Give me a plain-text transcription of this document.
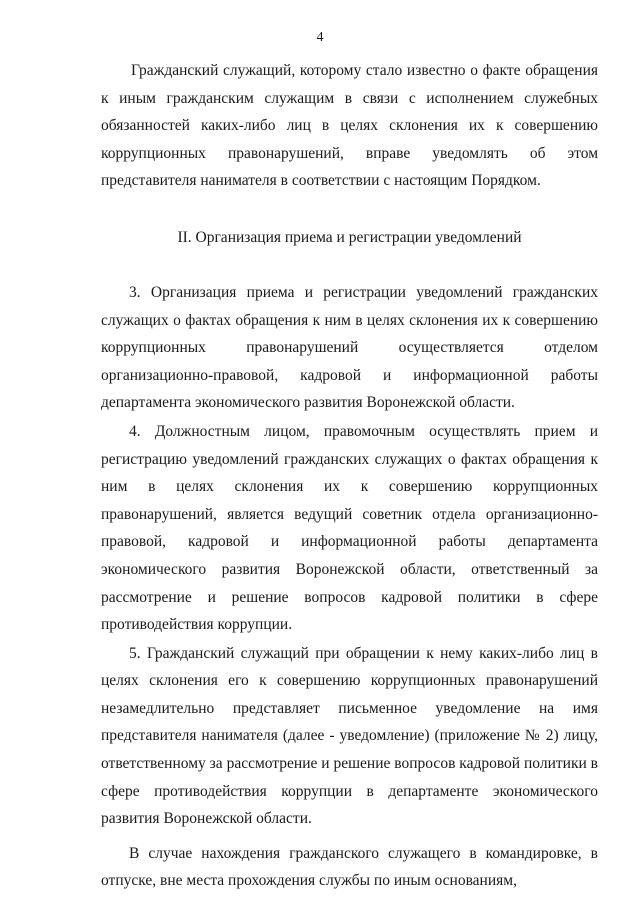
4

Гражданский служащий, которому стало известно о факте обращения к иным гражданским служащим в связи с исполнением служебных обязанностей каких-либо лиц в целях склонения их к совершению коррупционных правонарушений, вправе уведомлять об этом представителя нанимателя в соответствии с настоящим Порядком.

II. Организация приема и регистрации уведомлений

3. Организация приема и регистрации уведомлений гражданских служащих о фактах обращения к ним в целях склонения их к совершению коррупционных правонарушений осуществляется отделом организационно-правовой, кадровой и информационной работы департамента экономического развития Воронежской области.

4. Должностным лицом, правомочным осуществлять прием и регистрацию уведомлений гражданских служащих о фактах обращения к ним в целях склонения их к совершению коррупционных правонарушений, является ведущий советник отдела организационно-правовой, кадровой и информационной работы департамента экономического развития Воронежской области, ответственный за рассмотрение и решение вопросов кадровой политики в сфере противодействия коррупции.

5. Гражданский служащий при обращении к нему каких-либо лиц в целях склонения его к совершению коррупционных правонарушений незамедлительно представляет письменное уведомление на имя представителя нанимателя (далее - уведомление) (приложение № 2) лицу, ответственному за рассмотрение и решение вопросов кадровой политики в сфере противодействия коррупции в департаменте экономического развития Воронежской области.

В случае нахождения гражданского служащего в командировке, в отпуске, вне места прохождения службы по иным основаниям,
